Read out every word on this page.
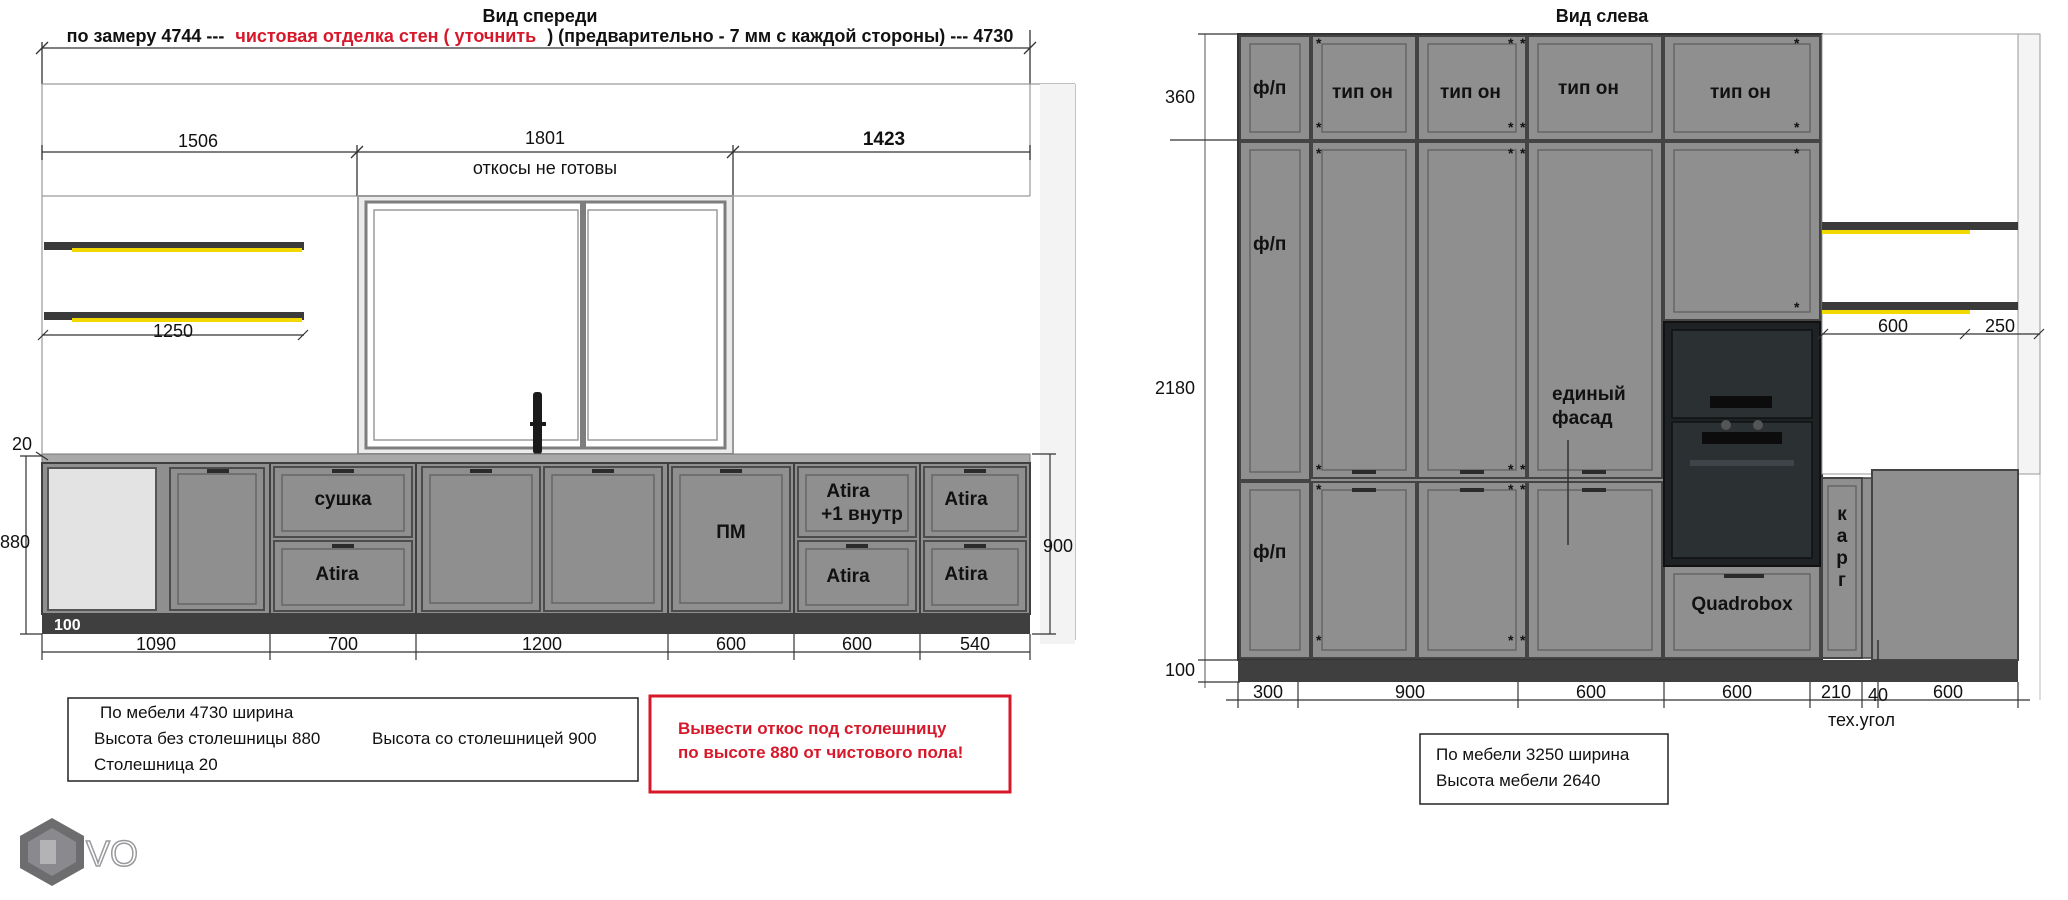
Вид спереди
по замеру 4744 --- чистовая отделка стен ( уточнить ) (предварительно - 7 мм с каждой стороны) --- 4730
1506	1801	1423
откосы не готовы
1250
сушка
Atira
ПМ
Atira
+1 внутр
Atira
Atira
Atira
100
20
880	900
1090	700	1200	600	600	540
По мебели 4730 ширина
Высота без столешницы 880	Высота со столешницей 900
Столешница 20
Вывести откос под столешницу
по высоте 880 от чистового пола!
VO
Вид слева
360
2180
100
ф/п
ф/п
ф/п
тип он тип он	тип он
единый
фасад
тип он
Quadrobox
600	250
к
а
р
г
*
*
*
*
*
*
*
*
*
*
*
*
*
*
*
*
*
*
*
*
*
*
300	900	600	600	210 40 600
тех.угол
По мебели 3250 ширина
Высота мебели 2640
